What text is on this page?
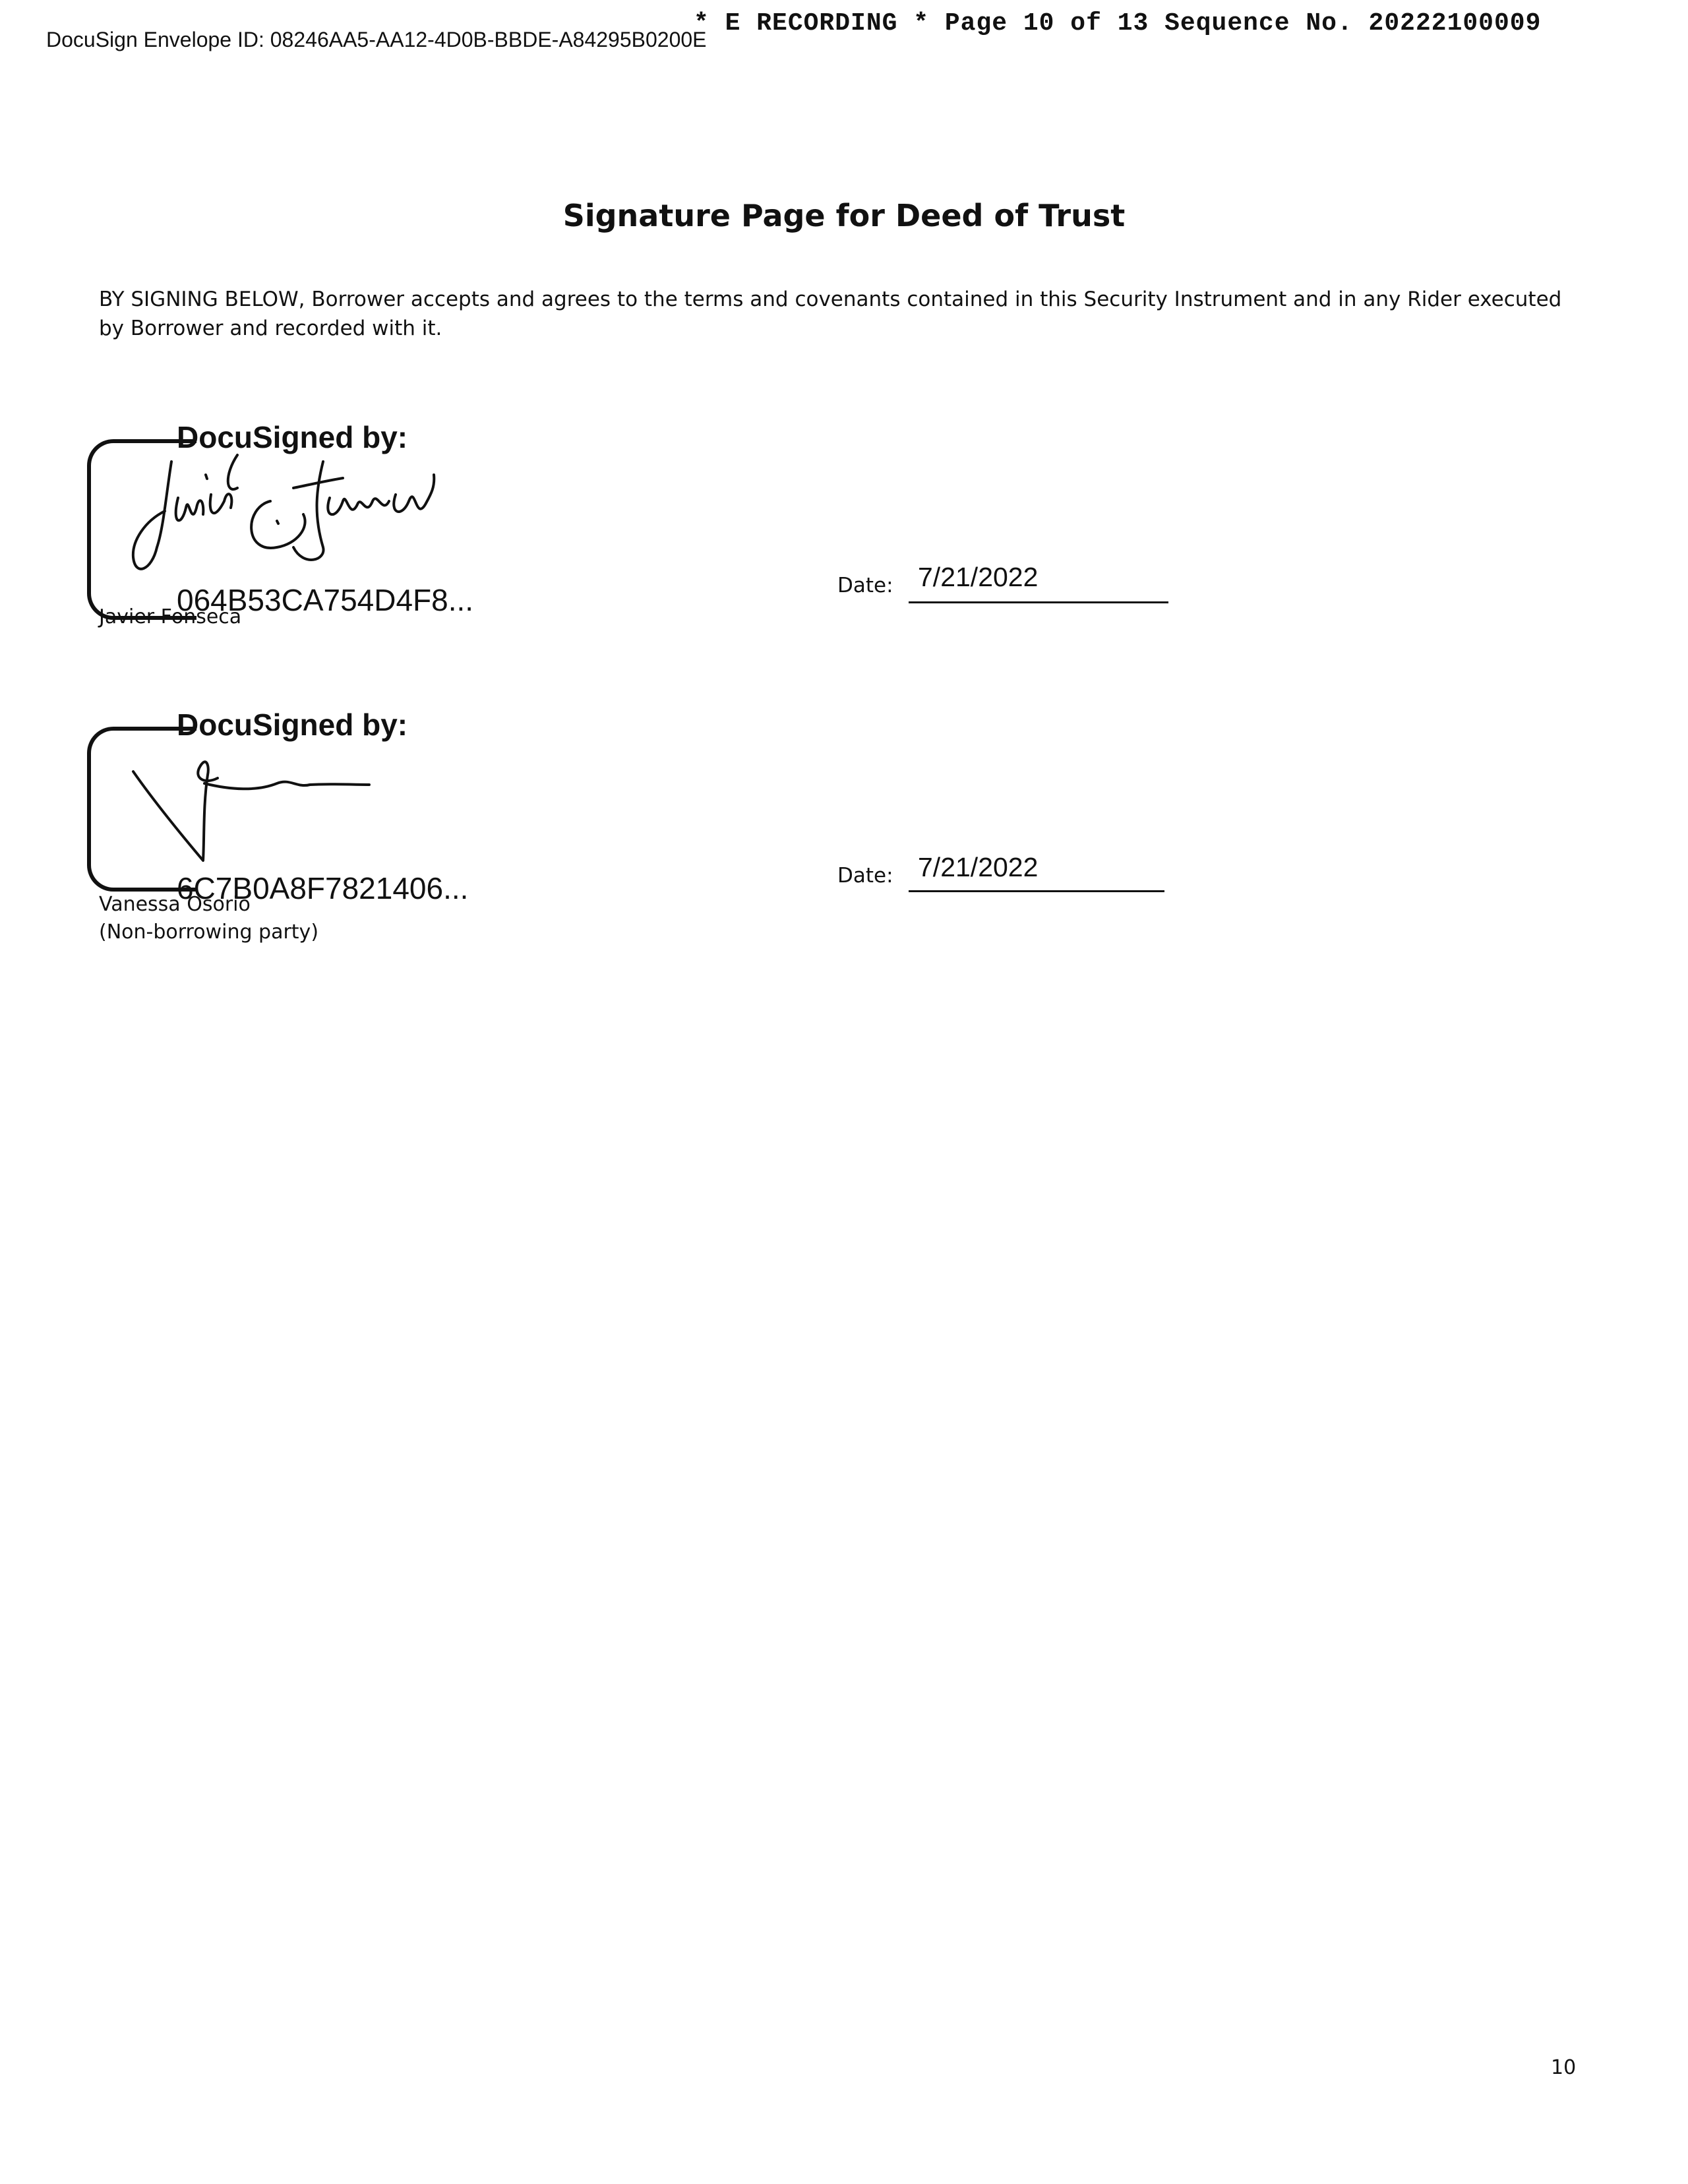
DocuSign Envelope ID: 08246AA5-AA12-4D0B-BBDE-A84295B0200E
* E RECORDING * Page 10 of 13 Sequence No. 20222100009
Signature Page for Deed of Trust
BY SIGNING BELOW, Borrower accepts and agrees to the terms and covenants contained in this Security Instrument and in any Rider executed by Borrower and recorded with it.
DocuSigned by:
064B53CA754D4F8...
Javier Fonseca
Date: 7/21/2022
DocuSigned by:
6C7B0A8F7821406...
Vanessa Osorio
(Non-borrowing party)
Date: 7/21/2022
10
